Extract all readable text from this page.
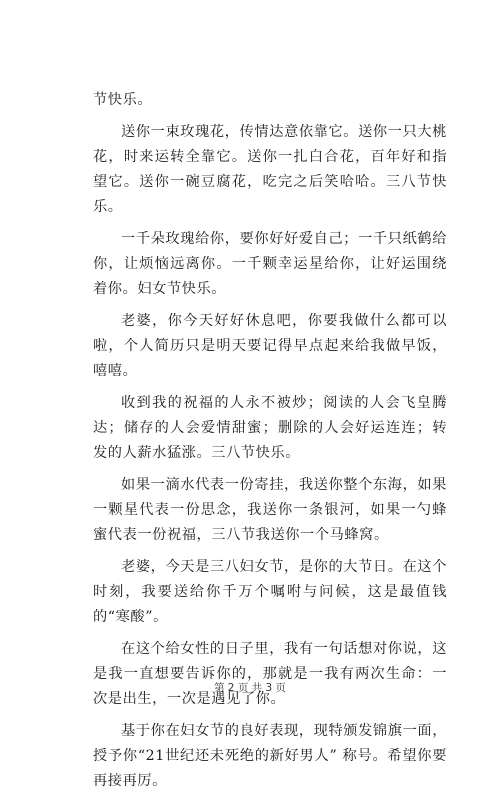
节快乐。

送你一束玫瑰花，传情达意依靠它。送你一只大桃花，时来运转全靠它。送你一扎白合花，百年好和指望它。送你一碗豆腐花，吃完之后笑哈哈。三八节快乐。

一千朵玫瑰给你，要你好好爱自己；一千只纸鹤给你，让烦恼远离你。一千颗幸运星给你，让好运围绕着你。妇女节快乐。

老婆，你今天好好休息吧，你要我做什么都可以啦，个人简历只是明天要记得早点起来给我做早饭，嘻嘻。

收到我的祝福的人永不被炒；阅读的人会飞皇腾达；储存的人会爱情甜蜜；删除的人会好运连连；转发的人薪水猛涨。三八节快乐。

如果一滴水代表一份寄挂，我送你整个东海，如果一颗星代表一份思念，我送你一条银河，如果一勺蜂蜜代表一份祝福，三八节我送你一个马蜂窝。

老婆，今天是三八妇女节，是你的大节日。在这个时刻，我要送给你千万个嘱咐与问候，这是最值钱的“寒酸”。

在这个给女性的日子里，我有一句话想对你说，这是我一直想要告诉你的，那就是一我有两次生命：一次是出生，一次是遇见了你。

基于你在妇女节的良好表现，现特颁发锦旗一面，授予你“21世纪还未死绝的新好男人” 称号。希望你要再接再厉。

第 2 页 共 3 页
